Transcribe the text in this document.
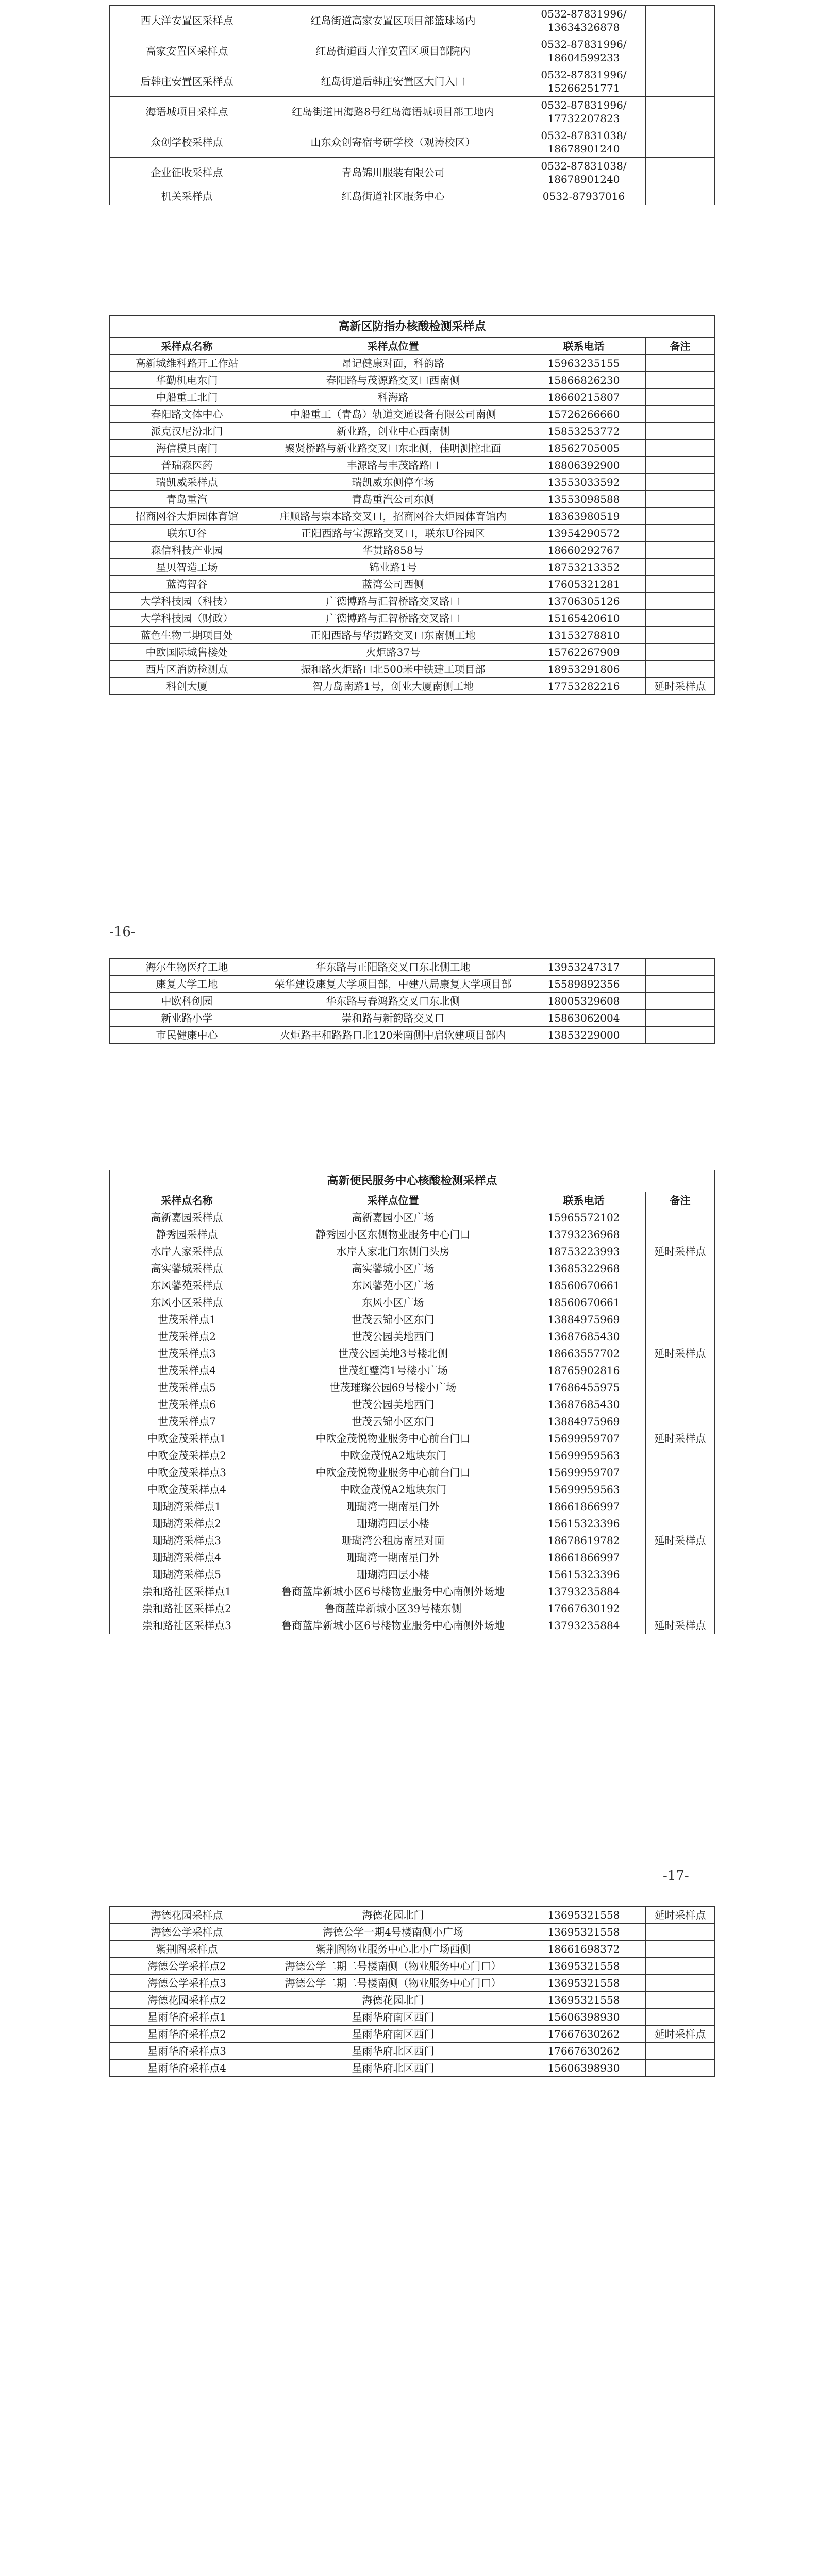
西大洋安置区采样点	红岛街道高家安置区项目部篮球场内	0532-87831996/
13634326878	
高家安置区采样点	红岛街道西大洋安置区项目部院内	0532-87831996/
18604599233	
后韩庄安置区采样点	红岛街道后韩庄安置区大门入口	0532-87831996/
15266251771	
海语城项目采样点	红岛街道田海路8号红岛海语城项目部工地内	0532-87831996/
17732207823	
众创学校采样点	山东众创寄宿考研学校（观涛校区）	0532-87831038/
18678901240	
企业征收采样点	青岛锦川服装有限公司	0532-87831038/
18678901240	
机关采样点	红岛街道社区服务中心	0532-87937016	
高新区防指办核酸检测采样点			
采样点名称	采样点位置	联系电话	备注
高新城维科路开工作站	昂记健康对面，科韵路	15963235155	
华勤机电东门	春阳路与茂源路交叉口西南侧	15866826230	
中船重工北门	科海路	18660215807	
春阳路文体中心	中船重工（青岛）轨道交通设备有限公司南侧	15726266660	
派克汉尼汾北门	新业路，创业中心西南侧	15853253772	
海信模具南门	聚贤桥路与新业路交叉口东北侧，佳明测控北面	18562705005	
普瑞森医药	丰源路与丰茂路路口	18806392900	
瑞凯威采样点	瑞凯威东侧停车场	13553033592	
青岛重汽	青岛重汽公司东侧	13553098588	
招商网谷大炬园体育馆	庄顺路与崇本路交叉口，招商网谷大炬园体育馆内	18363980519	
联东U谷	正阳西路与宝源路交叉口，联东U谷园区	13954290572	
森信科技产业园	华贯路858号	18660292767	
星贝智造工场	锦业路1号	18753213352	
蓝湾智谷	蓝湾公司西侧	17605321281	
大学科技园（科技）	广德博路与汇智桥路交叉路口	13706305126	
大学科技园（财政）	广德博路与汇智桥路交叉路口	15165420610	
蓝色生物二期项目处	正阳西路与华贯路交叉口东南侧工地	13153278810	
中欧国际城售楼处	火炬路37号	15762267909	
西片区消防检测点	振和路火炬路口北500米中铁建工项目部	18953291806	
科创大厦	智力岛南路1号，创业大厦南侧工地	17753282216	延时采样点
-16-
海尔生物医疗工地	华东路与正阳路交叉口东北侧工地	13953247317	
康复大学工地	荣华建设康复大学项目部，中建八局康复大学项目部	15589892356	
中欧科创园	华东路与春鸿路交叉口东北侧	18005329608	
新业路小学	崇和路与新韵路交叉口	15863062004	
市民健康中心	火炬路丰和路路口北120米南侧中启软建项目部内	13853229000	
高新便民服务中心核酸检测采样点			
采样点名称	采样点位置	联系电话	备注
高新嘉园采样点	高新嘉园小区广场	15965572102	
静秀园采样点	静秀园小区东侧物业服务中心门口	13793236968	
水岸人家采样点	水岸人家北门东侧门头房	18753223993	延时采样点
高实馨城采样点	高实馨城小区广场	13685322968	
东风馨苑采样点	东风馨苑小区广场	18560670661	
东风小区采样点	东风小区广场	18560670661	
世茂采样点1	世茂云锦小区东门	13884975969	
世茂采样点2	世茂公园美地西门	13687685430	
世茂采样点3	世茂公园美地3号楼北侧	18663557702	延时采样点
世茂采样点4	世茂红璧湾1号楼小广场	18765902816	
世茂采样点5	世茂璀璨公园69号楼小广场	17686455975	
世茂采样点6	世茂公园美地西门	13687685430	
世茂采样点7	世茂云锦小区东门	13884975969	
中欧金茂采样点1	中欧金茂悦物业服务中心前台门口	15699959707	延时采样点
中欧金茂采样点2	中欧金茂悦A2地块东门	15699959563	
中欧金茂采样点3	中欧金茂悦物业服务中心前台门口	15699959707	
中欧金茂采样点4	中欧金茂悦A2地块东门	15699959563	
珊瑚湾采样点1	珊瑚湾一期南星门外	18661866997	
珊瑚湾采样点2	珊瑚湾四层小楼	15615323396	
珊瑚湾采样点3	珊瑚湾公租房南星对面	18678619782	延时采样点
珊瑚湾采样点4	珊瑚湾一期南星门外	18661866997	
珊瑚湾采样点5	珊瑚湾四层小楼	15615323396	
崇和路社区采样点1	鲁商蓝岸新城小区6号楼物业服务中心南侧外场地	13793235884	
崇和路社区采样点2	鲁商蓝岸新城小区39号楼东侧	17667630192	
崇和路社区采样点3	鲁商蓝岸新城小区6号楼物业服务中心南侧外场地	13793235884	延时采样点
-17-
海德花园采样点	海德花园北门	13695321558	延时采样点
海德公学采样点	海德公学一期4号楼南侧小广场	13695321558	
紫荆阁采样点	紫荆阁物业服务中心北小广场西侧	18661698372	
海德公学采样点2	海德公学二期二号楼南侧（物业服务中心门口）	13695321558	
海德公学采样点3	海德公学二期二号楼南侧（物业服务中心门口）	13695321558	
海德花园采样点2	海德花园北门	13695321558	
星雨华府采样点1	星雨华府南区西门	15606398930	
星雨华府采样点2	星雨华府南区西门	17667630262	延时采样点
星雨华府采样点3	星雨华府北区西门	17667630262	
星雨华府采样点4	星雨华府北区西门	15606398930	
